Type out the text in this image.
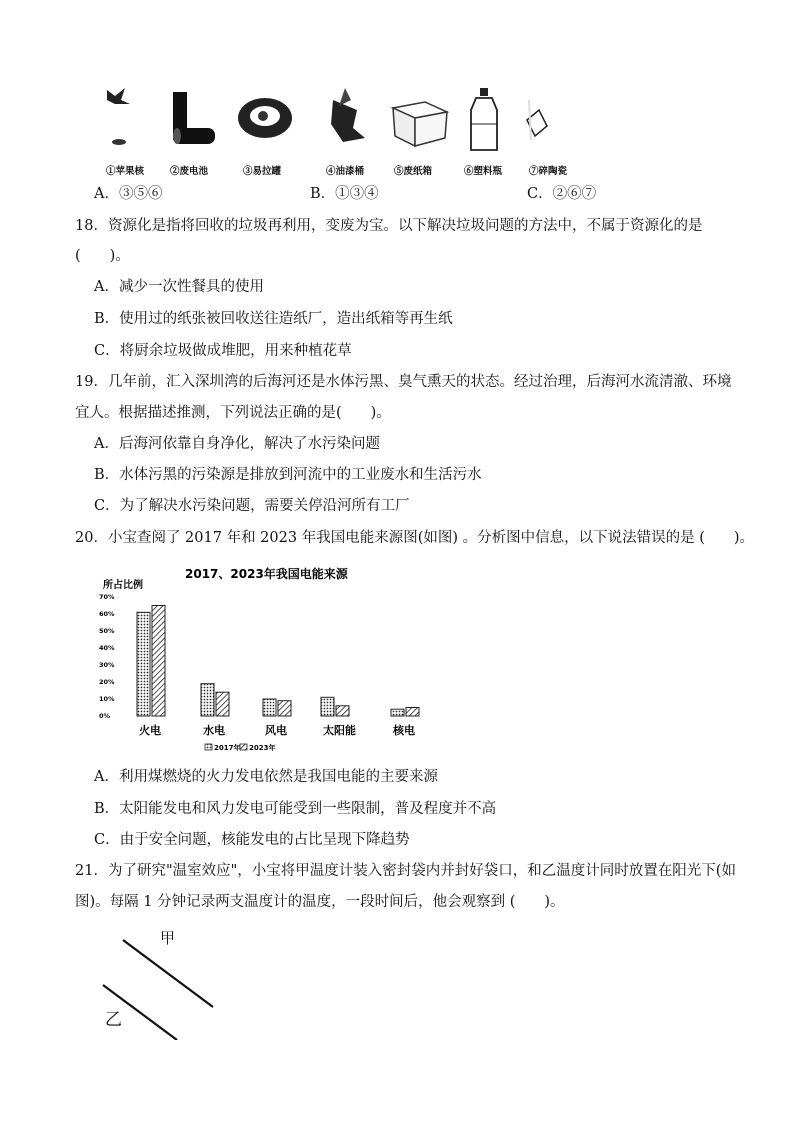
①苹果核	②废电池	③易拉罐	④油漆桶	⑤废纸箱	⑥塑料瓶	⑦碎陶瓷
A．③⑤⑥	B．①③④	C．②⑥⑦
18．资源化是指将回收的垃圾再利用，变废为宝。以下解决垃圾问题的方法中，不属于资源化的是
(　　)。
A．减少一次性餐具的使用
B．使用过的纸张被回收送往造纸厂，造出纸箱等再生纸
C．将厨余垃圾做成堆肥，用来种植花草
19．几年前，汇入深圳湾的后海河还是水体污黑、臭气熏天的状态。经过治理，后海河水流清澈、环境
宜人。根据描述推测，下列说法正确的是(　　)。
A．后海河依靠自身净化，解决了水污染问题
B．水体污黑的污染源是排放到河流中的工业废水和生活污水
C．为了解决水污染问题，需要关停沿河所有工厂
20．小宝查阅了 2017 年和 2023 年我国电能来源图(如图) 。分析图中信息，以下说法错误的是 (　　)。
2017、2023年我国电能来源
所占比例
70%
60%
50%
40%
30%
20%
10%
0%
火电	水电	风电	太阳能	核电
2017年 2023年
A．利用煤燃烧的火力发电依然是我国电能的主要来源
B．太阳能发电和风力发电可能受到一些限制，普及程度并不高
C．由于安全问题，核能发电的占比呈现下降趋势
21．为了研究"温室效应"，小宝将甲温度计装入密封袋内并封好袋口，和乙温度计同时放置在阳光下(如
图)。每隔 1 分钟记录两支温度计的温度，一段时间后，他会观察到 (　　)。
甲
乙
